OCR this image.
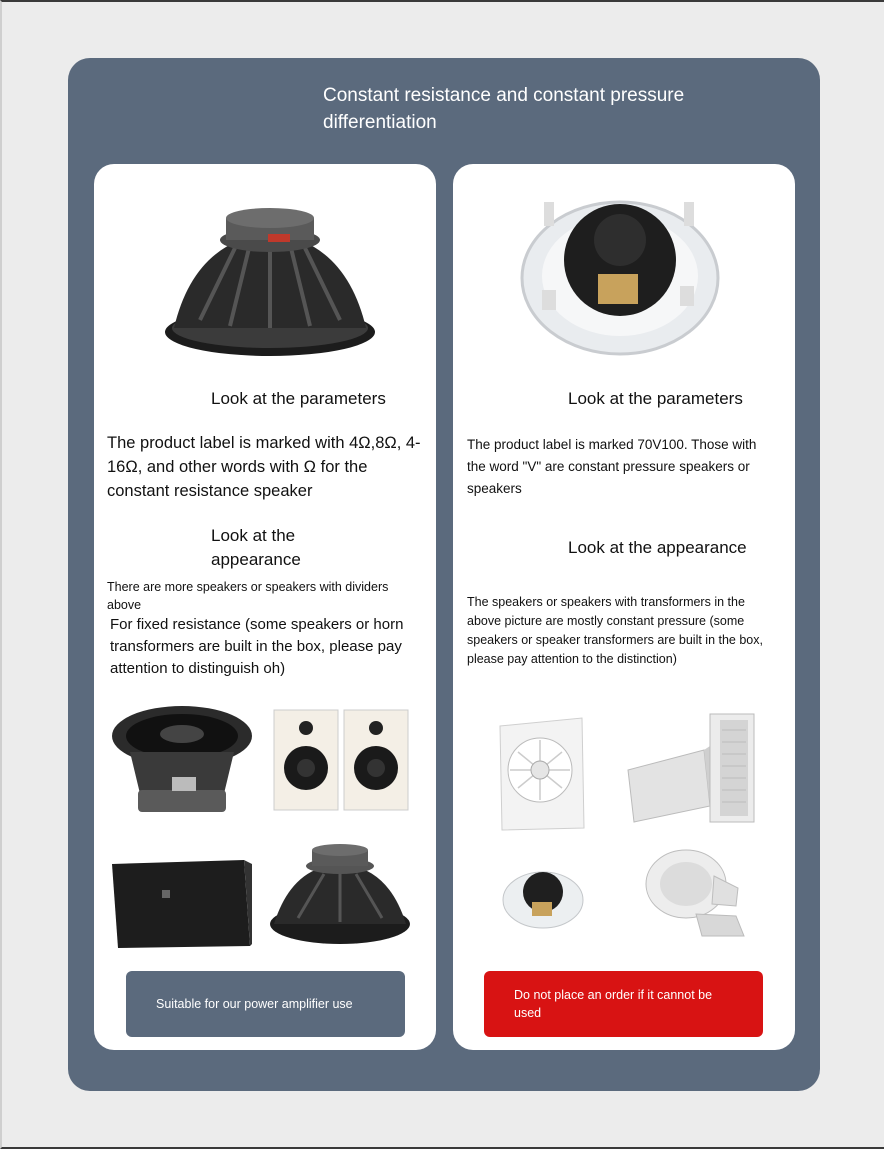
Constant resistance and constant pressure differentiation
Look at the parameters
The product label is marked with 4Ω,8Ω, 4-16Ω, and other words with Ω for the constant resistance speaker
Look at the appearance
There are more speakers or speakers with dividers above
For fixed resistance (some speakers or horn transformers are built in the box, please pay attention to distinguish oh)
Suitable for our power amplifier use
Look at the parameters
The product label is marked 70V100. Those with the word "V" are constant pressure speakers or speakers
Look at the appearance
The speakers or speakers with transformers in the above picture are mostly constant pressure (some speakers or speaker transformers are built in the box, please pay attention to the distinction)
Do not place an order if it cannot be used
